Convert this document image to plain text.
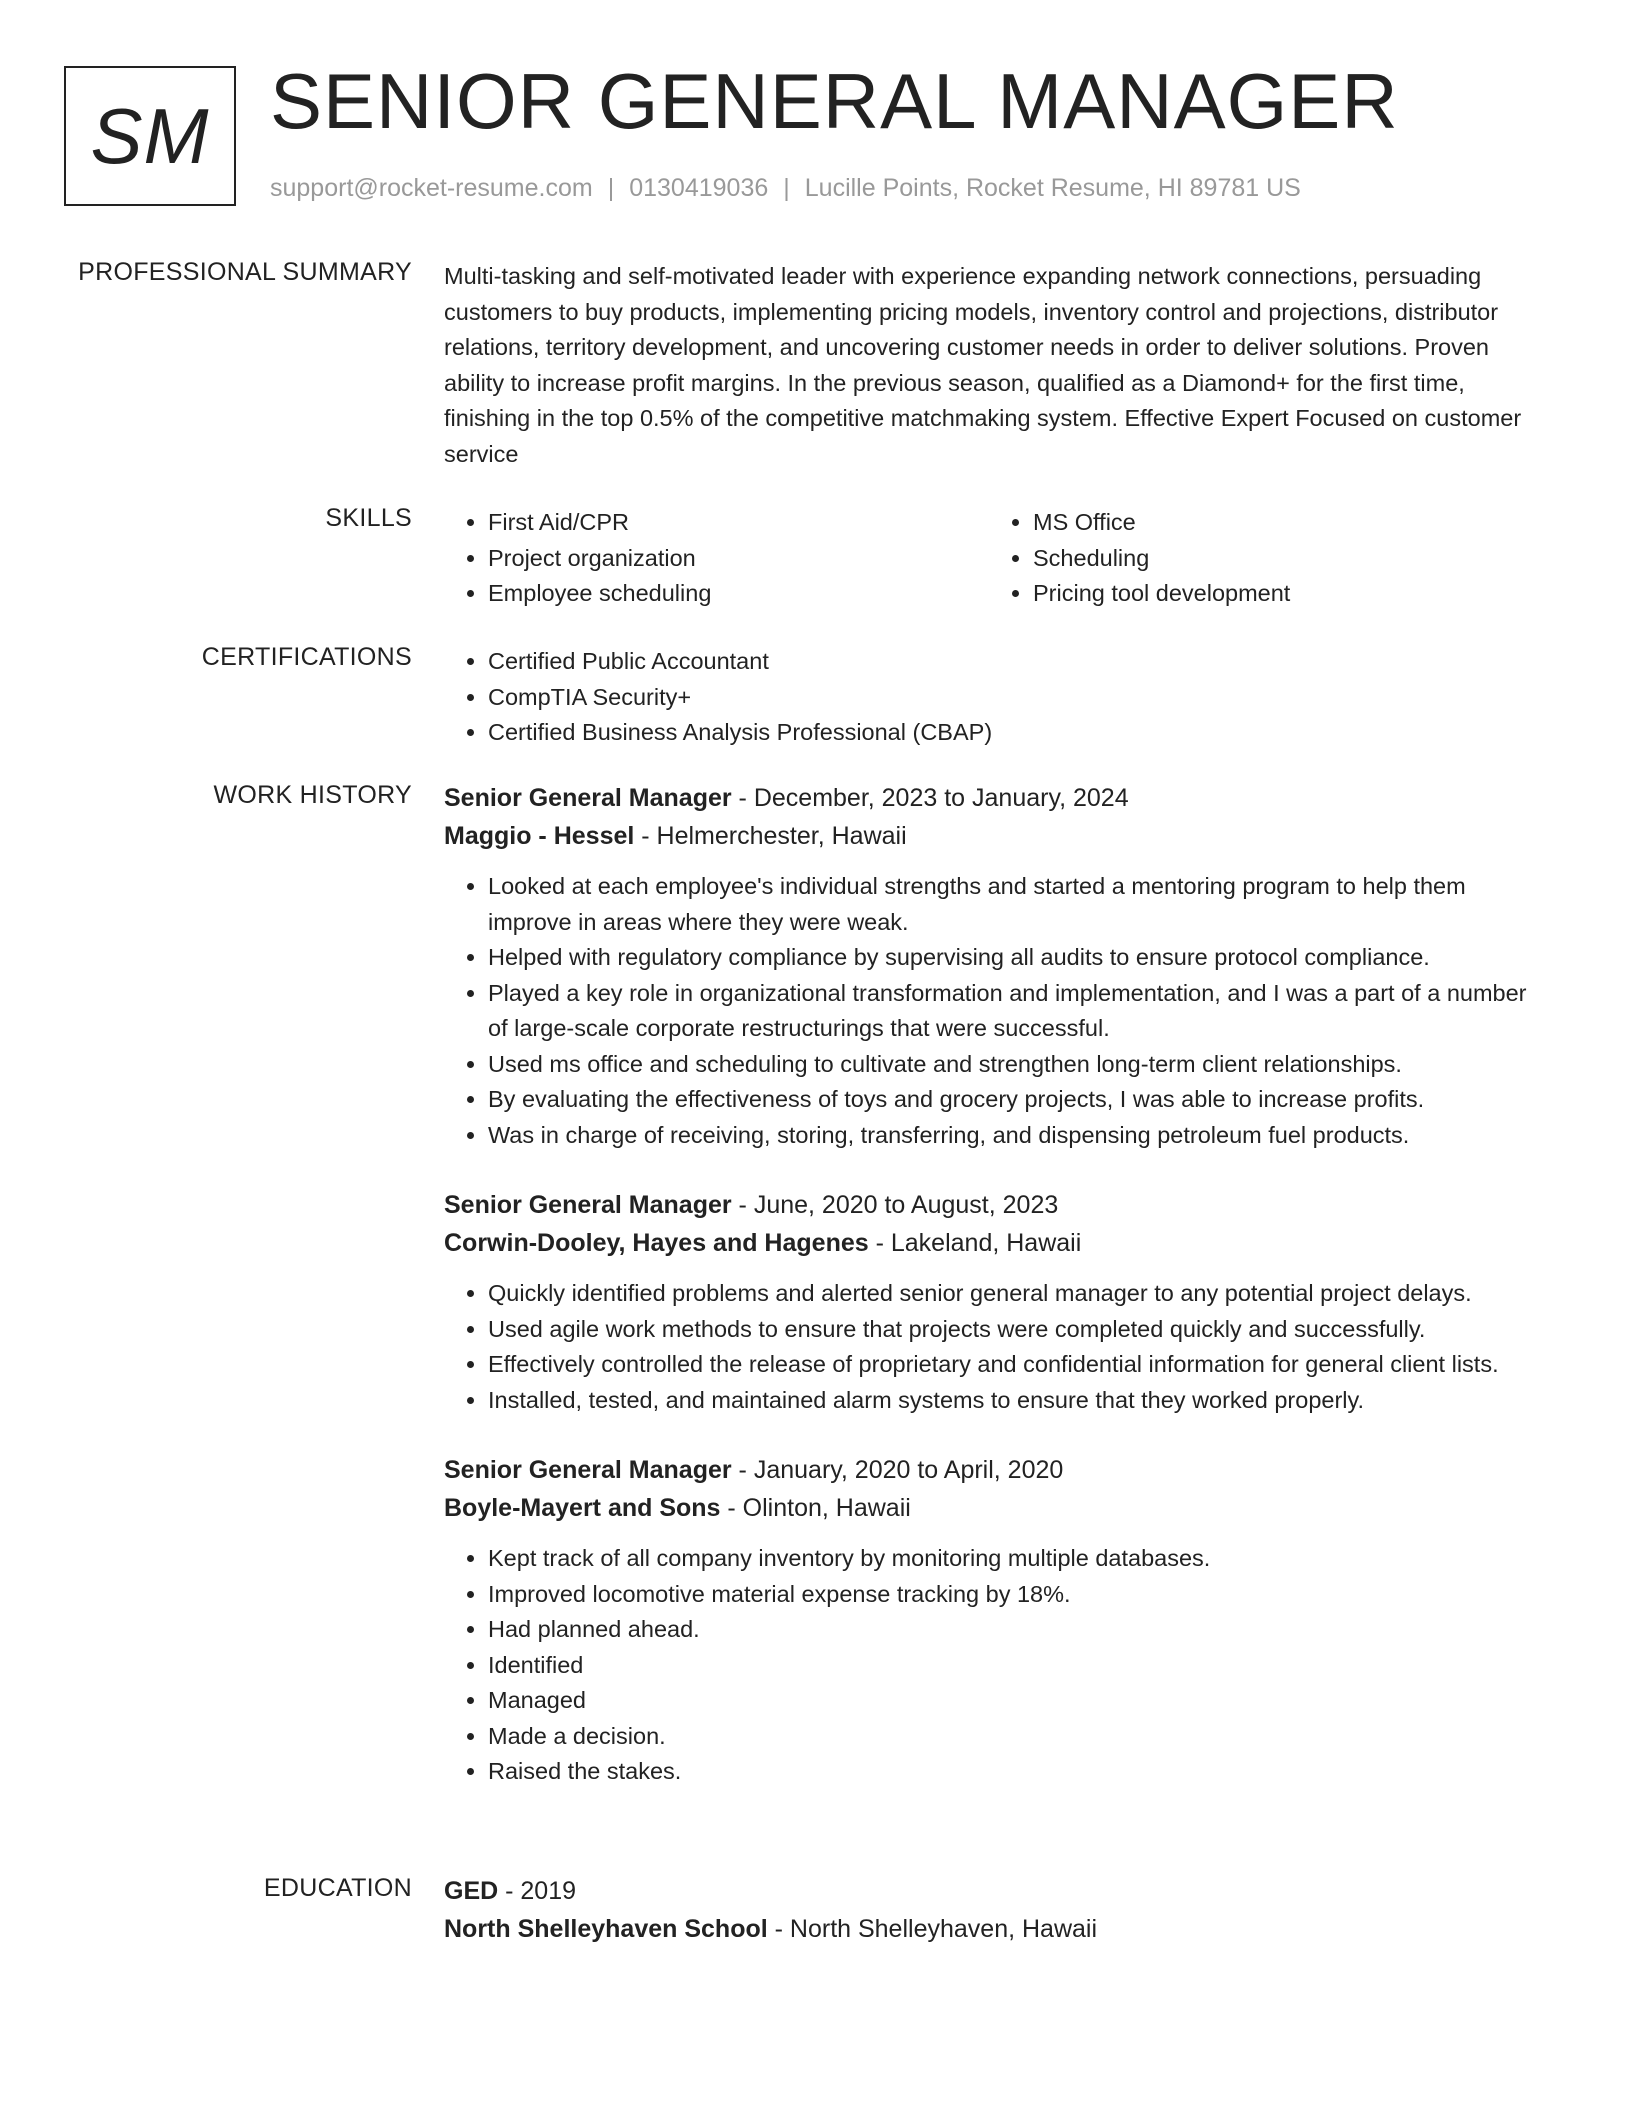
SM SENIOR GENERAL MANAGER
support@rocket-resume.com | 0130419036 | Lucille Points, Rocket Resume, HI 89781 US
PROFESSIONAL SUMMARY Multi-tasking and self-motivated leader with experience expanding network connections, persuading customers to buy products, implementing pricing models, inventory control and projections, distributor relations, territory development, and uncovering customer needs in order to deliver solutions. Proven ability to increase profit margins. In the previous season, qualified as a Diamond+ for the first time, finishing in the top 0.5% of the competitive matchmaking system. Effective Expert Focused on customer service

SKILLS	• First Aid/CPR
• Project organization
• Employee scheduling
• MS Office
• Scheduling
• Pricing tool development
CERTIFICATIONS	• Certified Public Accountant
• CompTIA Security+
• Certified Business Analysis Professional (CBAP)
WORK HISTORY Senior General Manager - December, 2023 to January, 2024
Maggio - Hessel - Helmerchester, Hawaii
• Looked at each employee's individual strengths and started a mentoring program to help them improve in areas where they were weak.
• Helped with regulatory compliance by supervising all audits to ensure protocol compliance.
• Played a key role in organizational transformation and implementation, and I was a part of a number of large-scale corporate restructurings that were successful.
• Used ms office and scheduling to cultivate and strengthen long-term client relationships.
• By evaluating the effectiveness of toys and grocery projects, I was able to increase profits.
• Was in charge of receiving, storing, transferring, and dispensing petroleum fuel products.
Senior General Manager - June, 2020 to August, 2023
Corwin-Dooley, Hayes and Hagenes - Lakeland, Hawaii
• Quickly identified problems and alerted senior general manager to any potential project delays.
• Used agile work methods to ensure that projects were completed quickly and successfully.
• Effectively controlled the release of proprietary and confidential information for general client lists.
• Installed, tested, and maintained alarm systems to ensure that they worked properly.
Senior General Manager - January, 2020 to April, 2020
Boyle-Mayert and Sons - Olinton, Hawaii
• Kept track of all company inventory by monitoring multiple databases.
• Improved locomotive material expense tracking by 18%.
• Had planned ahead.
• Identified
• Managed
• Made a decision.
• Raised the stakes.
EDUCATION GED - 2019
North Shelleyhaven School - North Shelleyhaven, Hawaii
